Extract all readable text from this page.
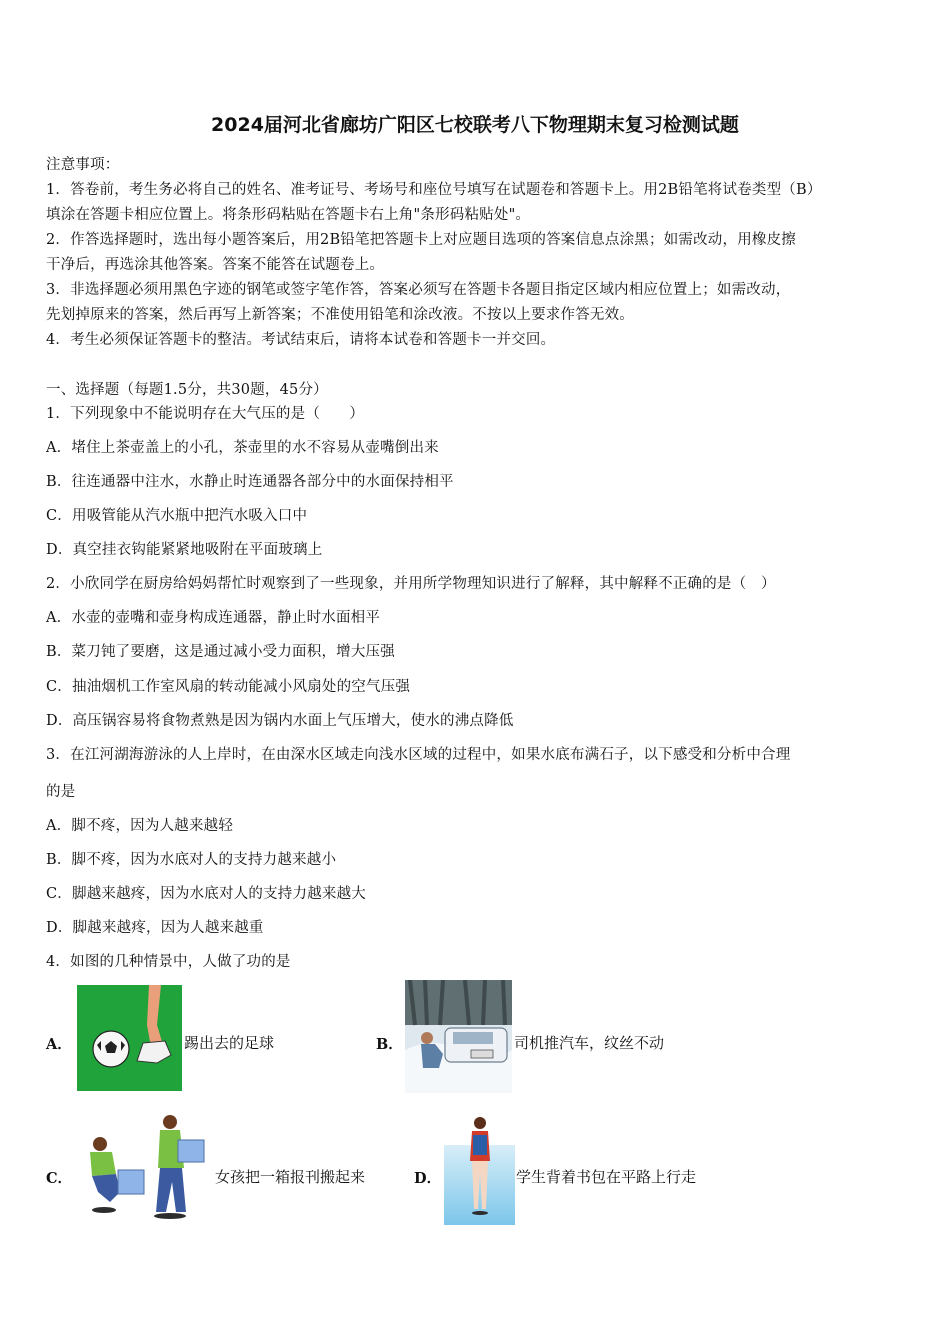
2024届河北省廊坊广阳区七校联考八下物理期末复习检测试题
注意事项：
1．答卷前，考生务必将自己的姓名、准考证号、考场号和座位号填写在试题卷和答题卡上。用2B铅笔将试卷类型（B）
填涂在答题卡相应位置上。将条形码粘贴在答题卡右上角"条形码粘贴处"。
2．作答选择题时，选出每小题答案后，用2B铅笔把答题卡上对应题目选项的答案信息点涂黑；如需改动，用橡皮擦
干净后，再选涂其他答案。答案不能答在试题卷上。
3．非选择题必须用黑色字迹的钢笔或签字笔作答，答案必须写在答题卡各题目指定区域内相应位置上；如需改动，
先划掉原来的答案，然后再写上新答案；不准使用铅笔和涂改液。不按以上要求作答无效。
4．考生必须保证答题卡的整洁。考试结束后，请将本试卷和答题卡一并交回。
一、选择题（每题1.5分，共30题，45分）
1．下列现象中不能说明存在大气压的是（　　）
A．堵住上茶壶盖上的小孔，茶壶里的水不容易从壶嘴倒出来
B．往连通器中注水，水静止时连通器各部分中的水面保持相平
C．用吸管能从汽水瓶中把汽水吸入口中
D．真空挂衣钩能紧紧地吸附在平面玻璃上
2．小欣同学在厨房给妈妈帮忙时观察到了一些现象，并用所学物理知识进行了解释，其中解释不正确的是（　）
A．水壶的壶嘴和壶身构成连通器，静止时水面相平
B．菜刀钝了要磨，这是通过减小受力面积，增大压强
C．抽油烟机工作室风扇的转动能减小风扇处的空气压强
D．高压锅容易将食物煮熟是因为锅内水面上气压增大，使水的沸点降低
3．在江河湖海游泳的人上岸时，在由深水区域走向浅水区域的过程中，如果水底布满石子，以下感受和分析中合理
的是
A．脚不疼，因为人越来越轻
B．脚不疼，因为水底对人的支持力越来越小
C．脚越来越疼，因为水底对人的支持力越来越大
D．脚越来越疼，因为人越来越重
4．如图的几种情景中，人做了功的是
A．	踢出去的足球	B．	司机推汽车，纹丝不动
C．	女孩把一箱报刊搬起来	D．	学生背着书包在平路上行走
